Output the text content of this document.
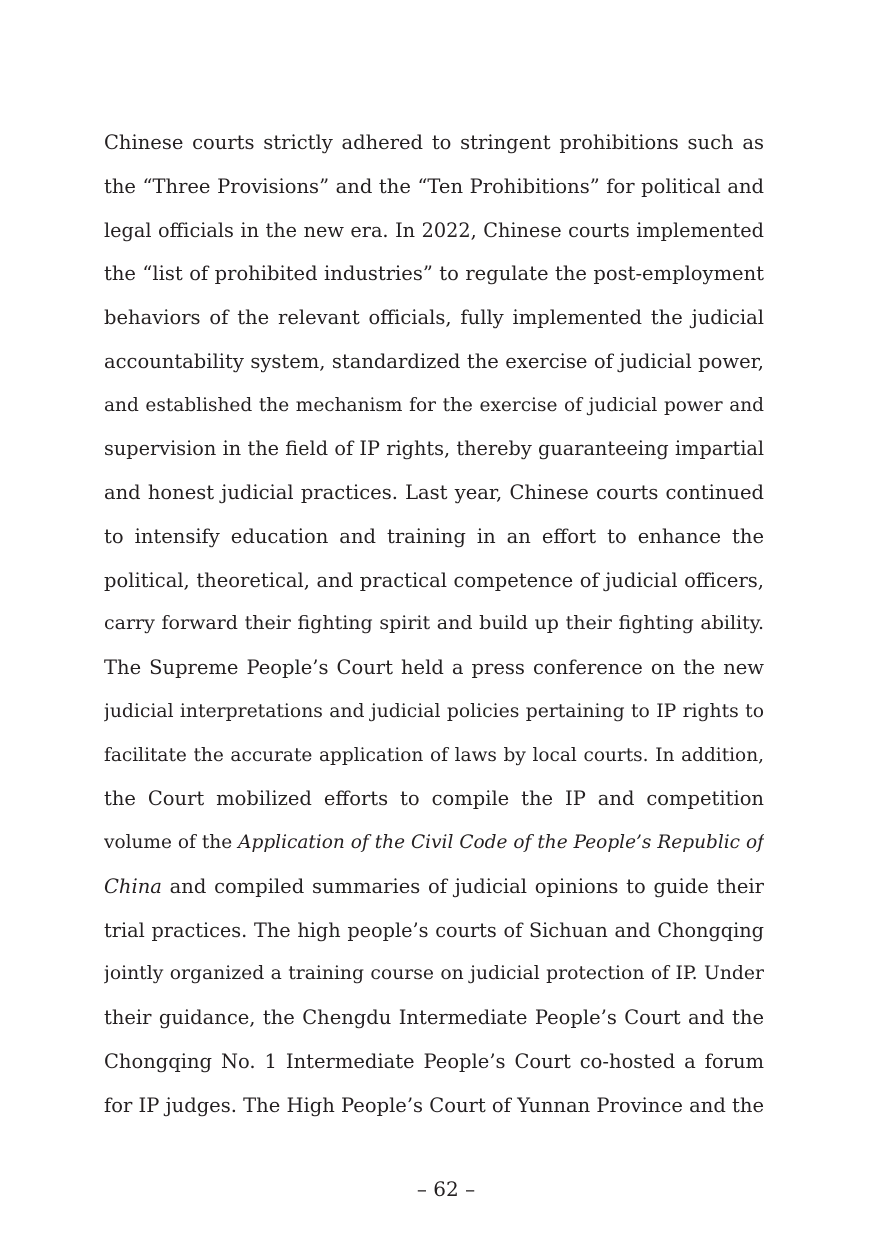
Chinese courts strictly adhered to stringent prohibitions such as
the “Three Provisions” and the “Ten Prohibitions” for political and
legal officials in the new era. In 2022, Chinese courts implemented
the “list of prohibited industries” to regulate the post-employment
behaviors of the relevant officials, fully implemented the judicial
accountability system, standardized the exercise of judicial power,
and established the mechanism for the exercise of judicial power and
supervision in the field of IP rights, thereby guaranteeing impartial
and honest judicial practices. Last year, Chinese courts continued
to intensify education and training in an effort to enhance the
political, theoretical, and practical competence of judicial officers,
carry forward their fighting spirit and build up their fighting ability.
The Supreme People’s Court held a press conference on the new
judicial interpretations and judicial policies pertaining to IP rights to
facilitate the accurate application of laws by local courts. In addition,
the Court mobilized efforts to compile the IP and competition
volume of the Application of the Civil Code of the People’s Republic of
China and compiled summaries of judicial opinions to guide their
trial practices. The high people’s courts of Sichuan and Chongqing
jointly organized a training course on judicial protection of IP. Under
their guidance, the Chengdu Intermediate People’s Court and the
Chongqing No. 1 Intermediate People’s Court co-hosted a forum
for IP judges. The High People’s Court of Yunnan Province and the
– 62 –
